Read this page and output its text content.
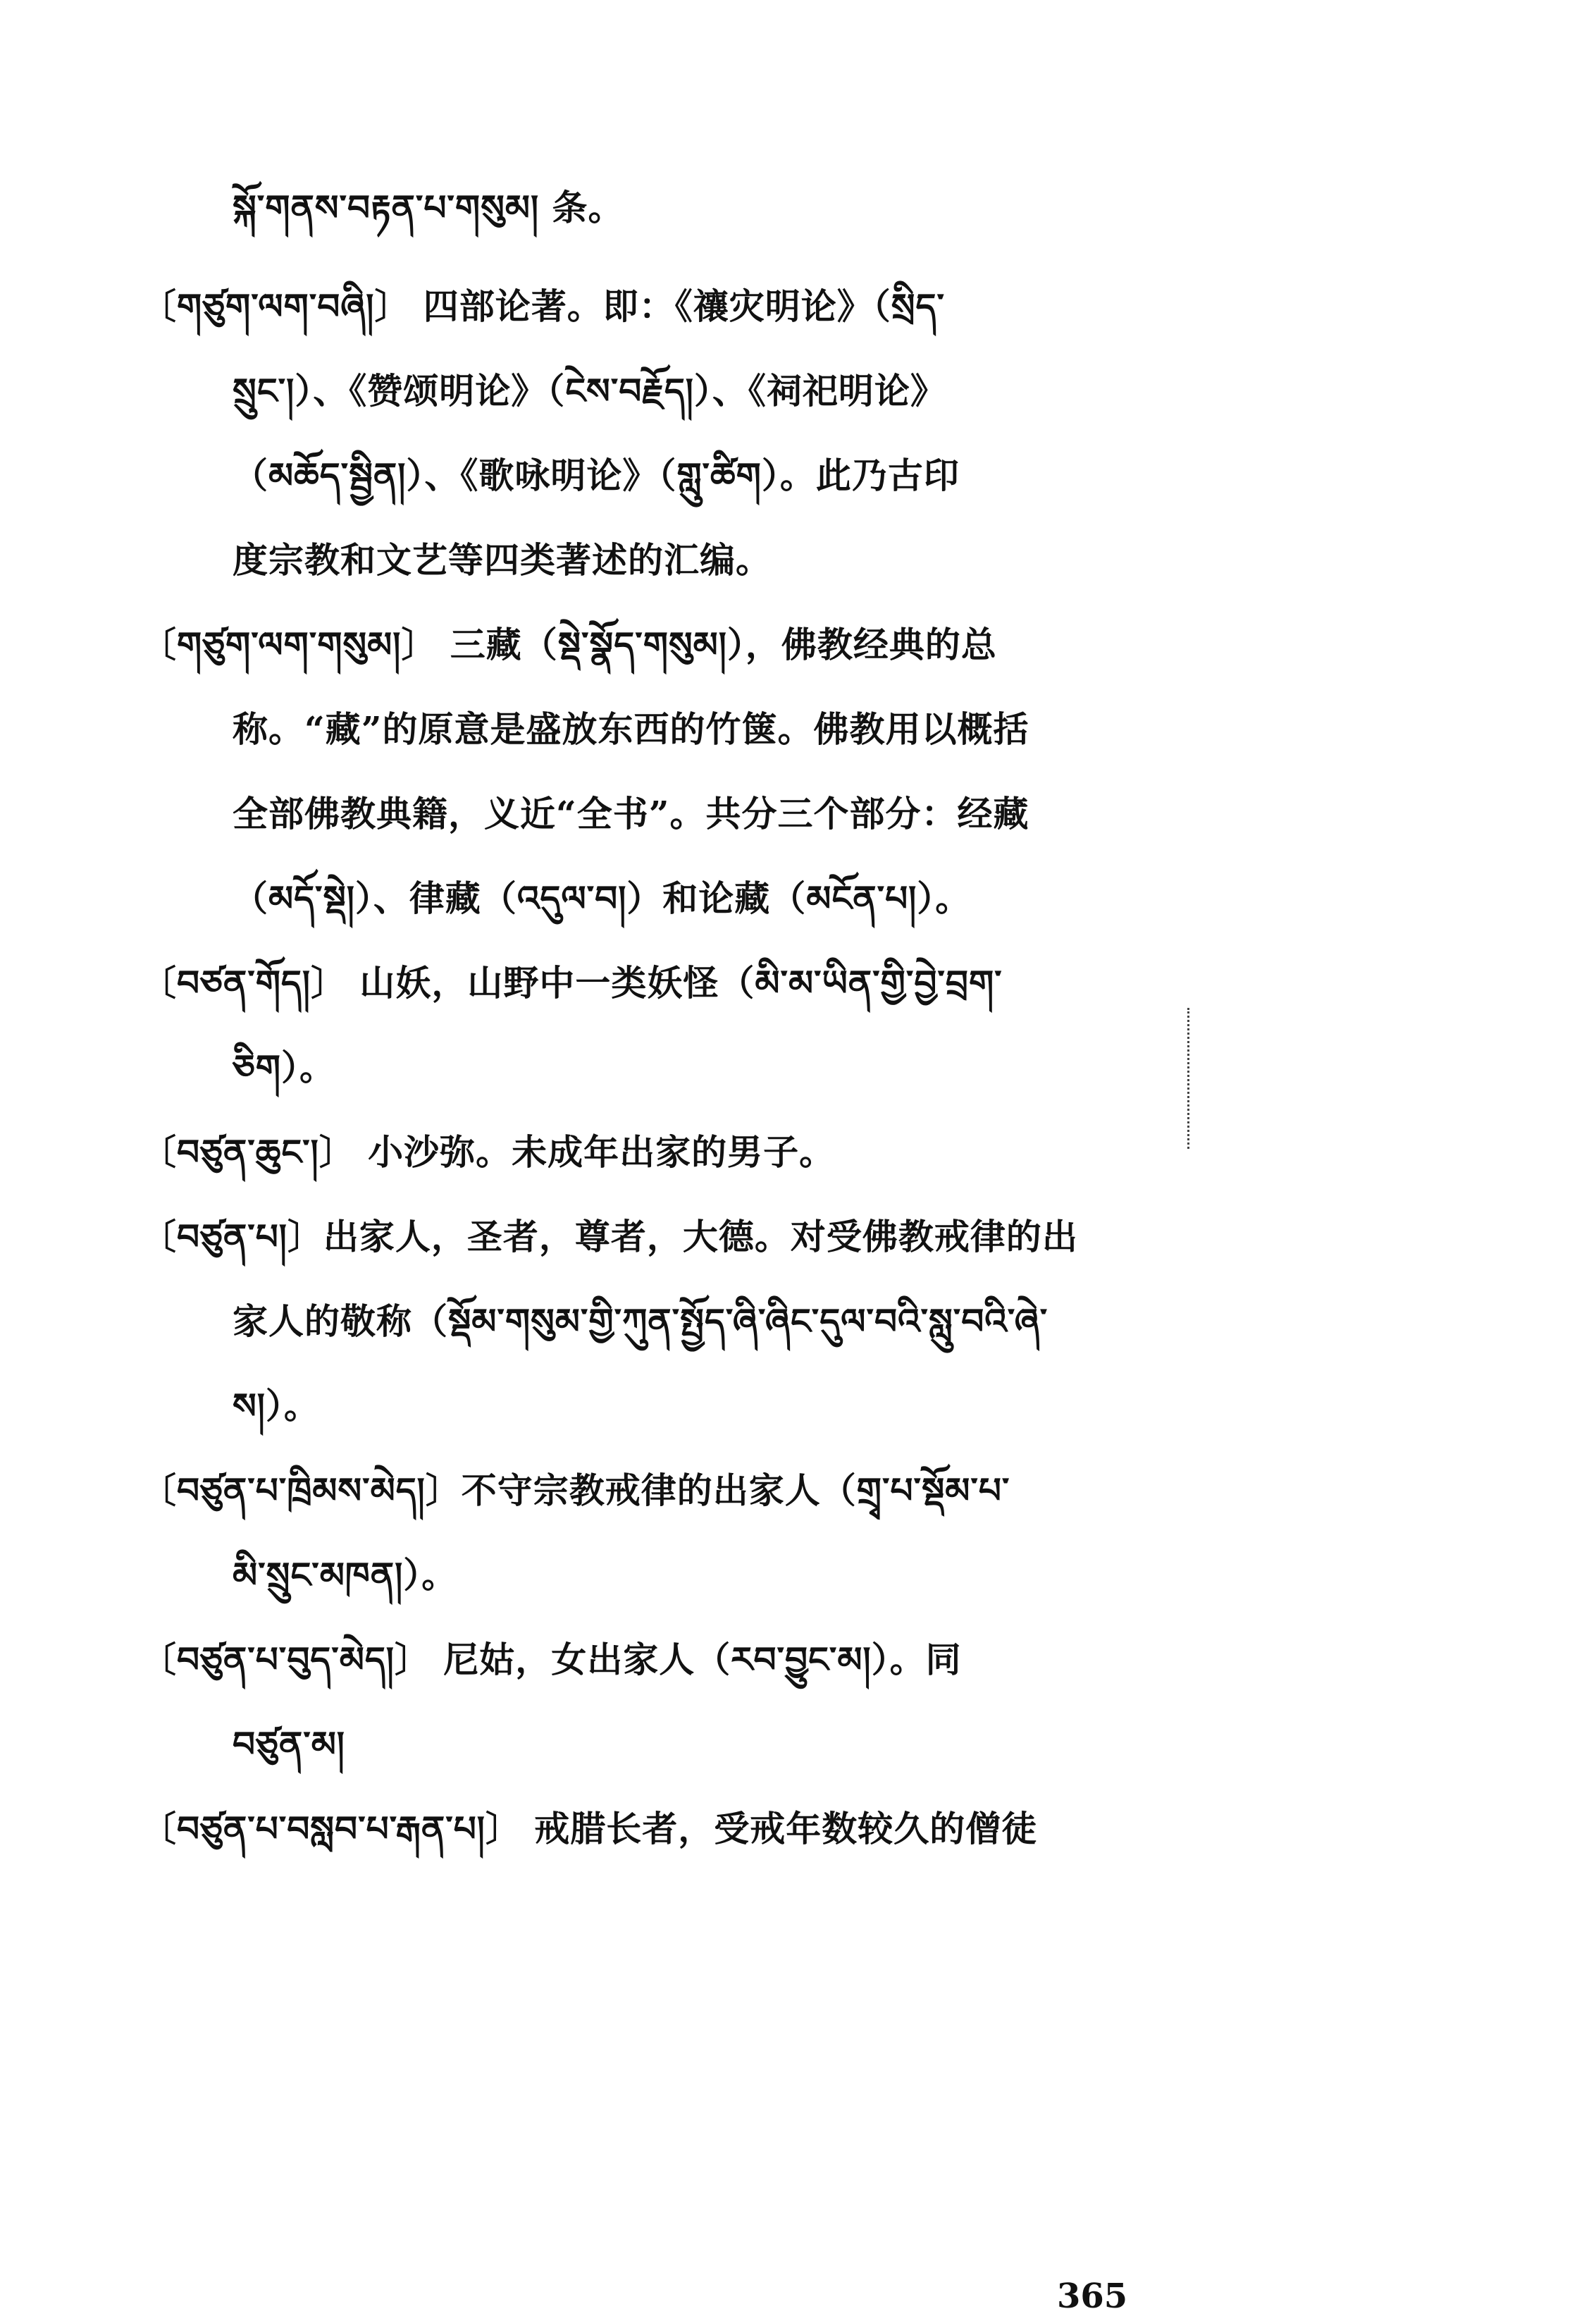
སྐོ་གནས་བརྟན་པ་གསུམ། 条。
〔གཙུག་ལག་བཞི།〕 四部论著。即：《禳灾明论》（སྲིད་
སྲུང་།）、《赞颂明论》（ངེས་བརྗོད།）、《祠祀明论》
（མཆོད་སྦྱིན།）、《歌咏明论》（གླུ་ཚིག）。此乃古印
度宗教和文艺等四类著述的汇编。
〔གཙུག་ལག་གསུམ།〕 三藏（སྡེ་སྣོད་གསུམ།），佛教经典的总
称。“藏”的原意是盛放东西的竹箧。佛教用以概括
全部佛教典籍，义近“全书”。共分三个部分：经藏
（མདོ་སྡེ།）、律藏（འདུལ་བ།）和论藏（མངོན་པ།）。
〔བཙན་གོད།〕 山妖，山野中一类妖怪（མི་མ་ཡིན་གྱི་བྱེ་བྲག་
ཅིག）。
〔བཙུན་ཆུང་།〕 小沙弥。未成年出家的男子。
〔བཙུན་པ།〕出家人，圣者，尊者，大德。对受佛教戒律的出
家人的敬称（སྡོམ་གསུམ་གྱི་ཀུན་སྤྱོད་ཞི་ཞིང་དུལ་བའི་སླུ་བའི་ཞེ་
ས།）。
〔བཙུན་པ་ཁྲིམས་མེད།〕不守宗教戒律的出家人（གྲྭ་པ་སྡོམ་པ་
མི་སྲུང་མཁན།）。
〔བཙུན་པ་བུད་མེད།〕 尼姑，女出家人（རབ་བྱུང་མ།）。同
བཙུན་མ།
〔བཙུན་པ་བསླབ་པ་རྒན་པ།〕 戒腊长者，受戒年数较久的僧徒
365
